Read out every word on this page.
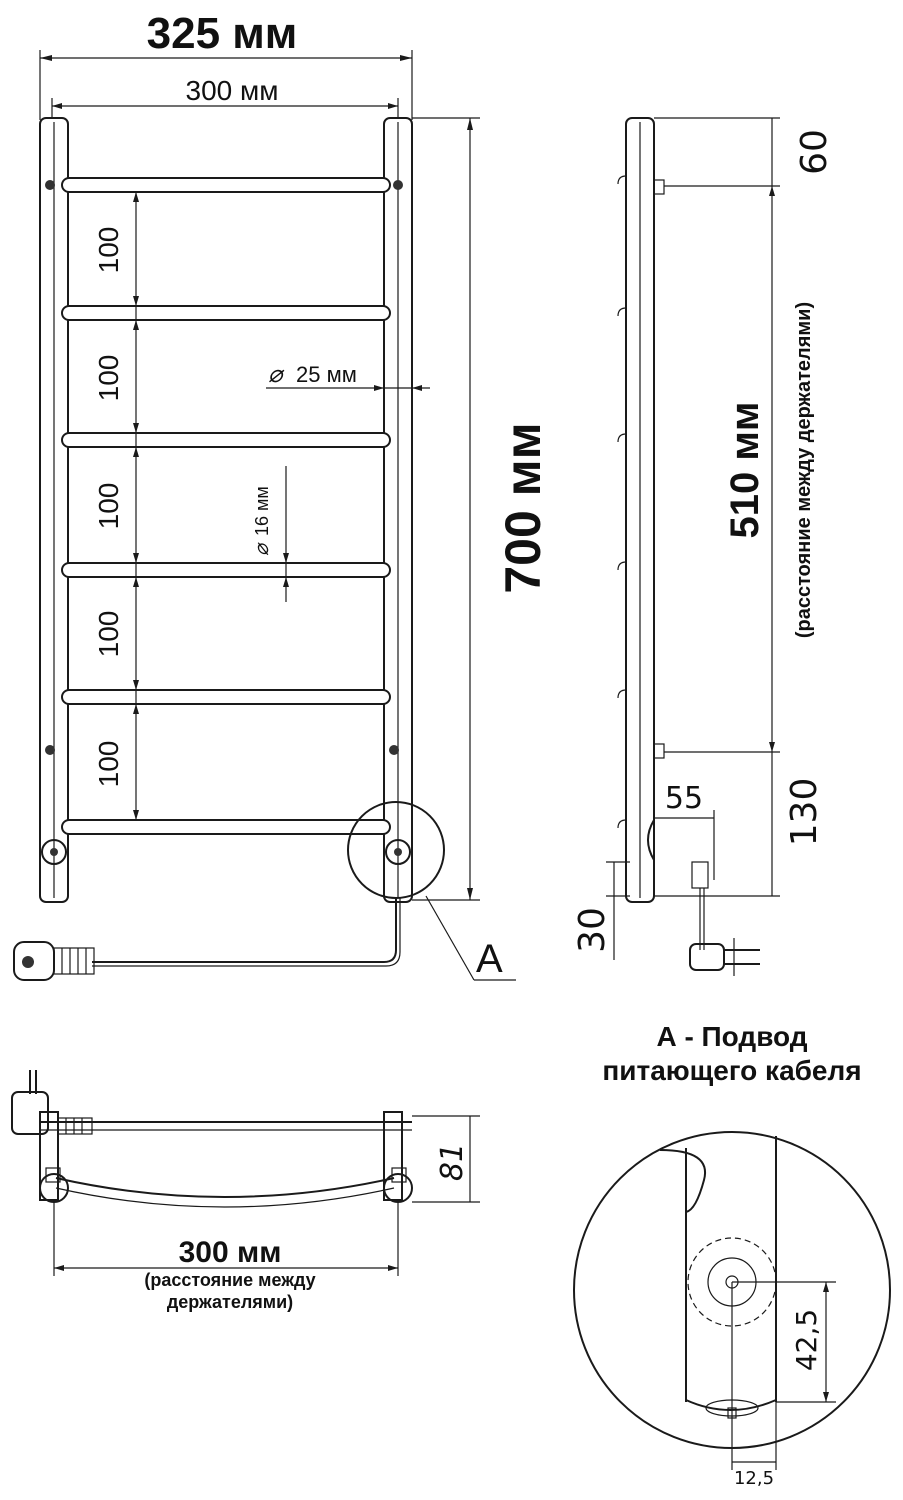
325 мм
300 мм
100
100
100
100
100
700 мм
⌀ 25 мм
⌀
16 мм
А
60
510 мм (расстояние между держателями)
130
55
30
81
300 мм
(расстояние между
держателями)
А - Подвод
питающего кабеля
42,5
12,5
